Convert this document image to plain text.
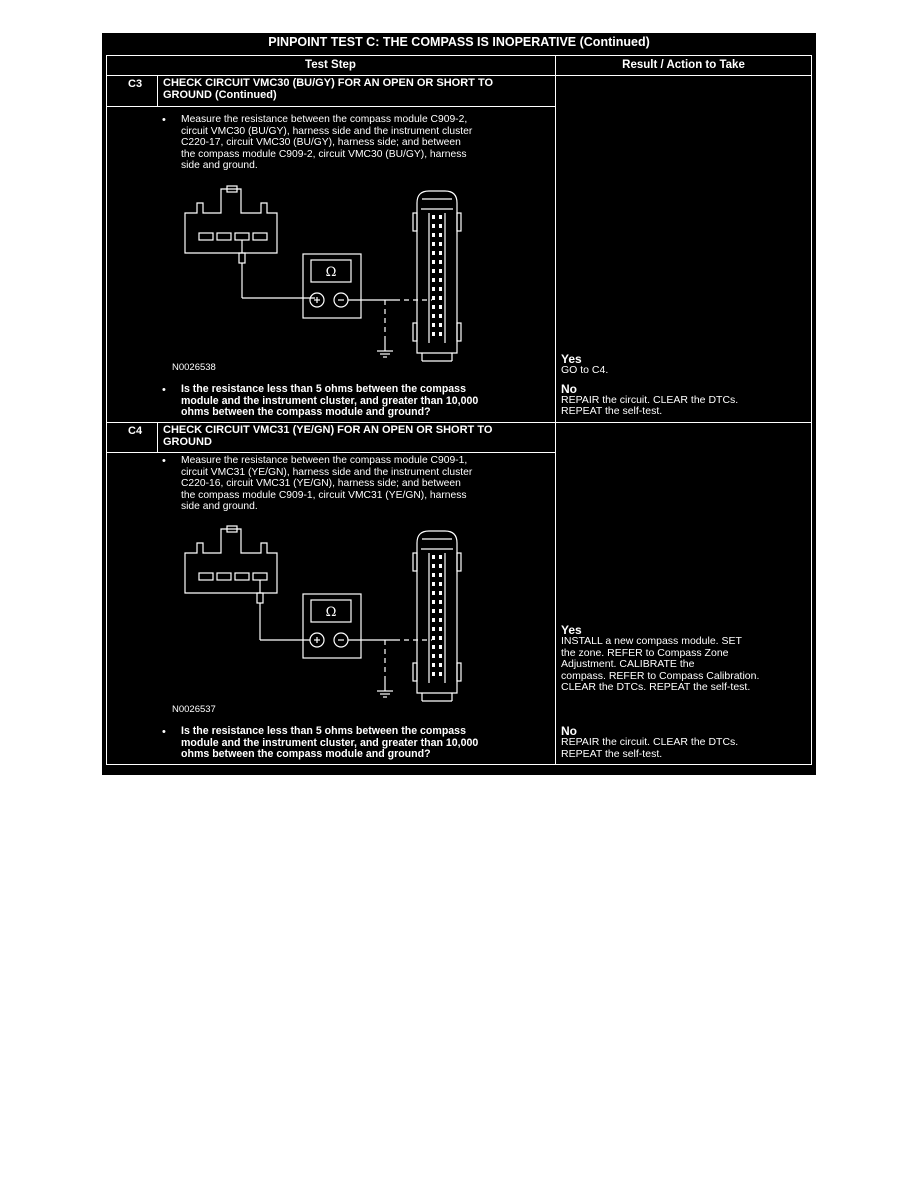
PINPOINT TEST C: THE COMPASS IS INOPERATIVE (Continued)
Test Step	Result / Action to Take
C3 CHECK CIRCUIT VMC30 (BU/GY) FOR AN OPEN OR SHORT TO
GROUND (Continued)
• Measure the resistance between the compass module C909-2,
circuit VMC30 (BU/GY), harness side and the instrument cluster
C220-17, circuit VMC30 (BU/GY), harness side; and between
the compass module C909-2, circuit VMC30 (BU/GY), harness
side and ground.
Ω
N0026538
• Is the resistance less than 5 ohms between the compass
module and the instrument cluster, and greater than 10,000
ohms between the compass module and ground?
Yes
GO to C4.
No
REPAIR the circuit. CLEAR the DTCs.
REPEAT the self-test.
C4 CHECK CIRCUIT VMC31 (YE/GN) FOR AN OPEN OR SHORT TO
GROUND
• Measure the resistance between the compass module C909-1,
circuit VMC31 (YE/GN), harness side and the instrument cluster
C220-16, circuit VMC31 (YE/GN), harness side; and between
the compass module C909-1, circuit VMC31 (YE/GN), harness
side and ground.
Ω
N0026537
• Is the resistance less than 5 ohms between the compass
module and the instrument cluster, and greater than 10,000
ohms between the compass module and ground?
Yes
INSTALL a new compass module. SET
the zone. REFER to Compass Zone
Adjustment. CALIBRATE the
compass. REFER to Compass Calibration.
CLEAR the DTCs. REPEAT the self-test.
No
REPAIR the circuit. CLEAR the DTCs.
REPEAT the self-test.
